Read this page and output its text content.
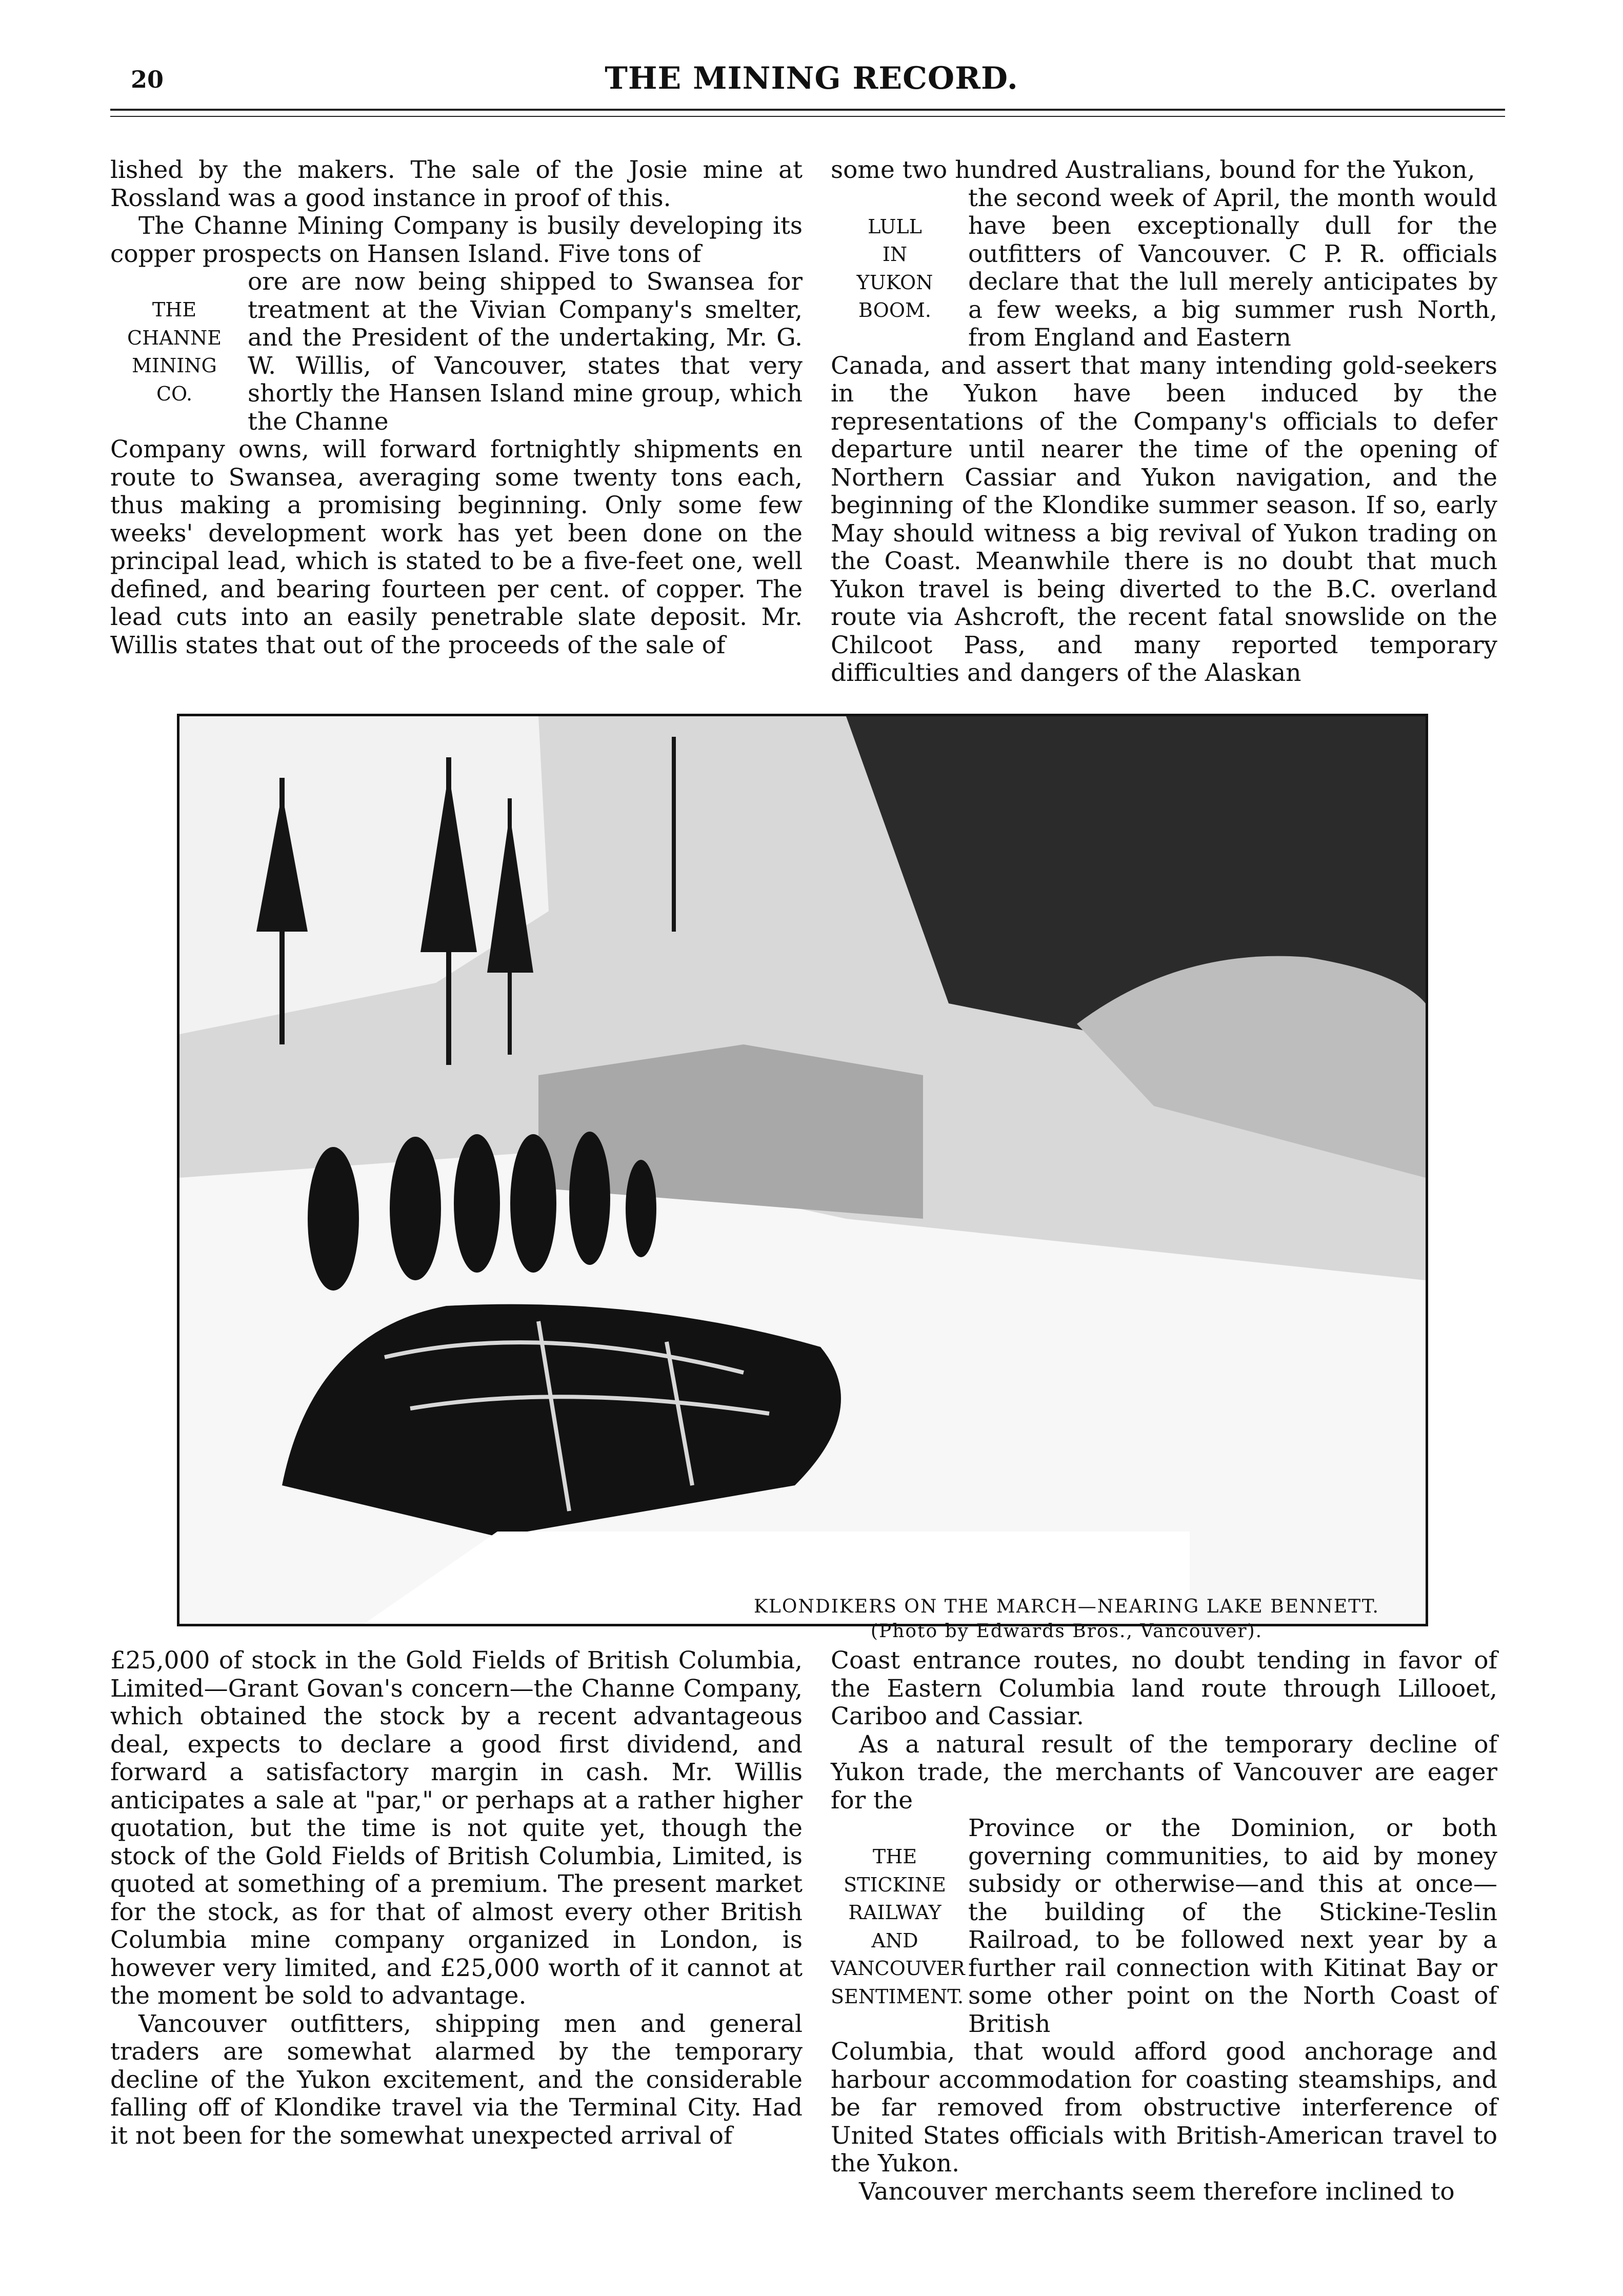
20	THE MINING RECORD.

lished by the makers. The sale of the Josie mine at Rossland was a good instance in proof of this.

The Channe Mining Company is busily developing its copper prospects on Hansen Island. Five tons of

THE
CHANNE
MINING
CO.
ore are now being shipped to Swansea for treatment at the Vivian Company's smelter, and the President of the undertaking, Mr. G. W. Willis, of Vancouver, states that very shortly the Hansen Island mine group, which the Channe

Company owns, will forward fortnightly shipments en route to Swansea, averaging some twenty tons each, thus making a promising beginning. Only some few weeks' development work has yet been done on the principal lead, which is stated to be a five-feet one, well defined, and bearing fourteen per cent. of copper. The lead cuts into an easily penetrable slate deposit. Mr. Willis states that out of the proceeds of the sale of

some two hundred Australians, bound for the Yukon,

LULL
IN
YUKON
BOOM.
the second week of April, the month would have been exceptionally dull for the outfitters of Vancouver. C P. R. officials declare that the lull merely anticipates by a few weeks, a big summer rush North, from England and Eastern

Canada, and assert that many intending gold-seekers in the Yukon have been induced by the representations of the Company's officials to defer departure until nearer the time of the opening of Northern Cassiar and Yukon navigation, and the beginning of the Klondike summer season. If so, early May should witness a big revival of Yukon trading on the Coast. Meanwhile there is no doubt that much Yukon travel is being diverted to the B.C. overland route via Ashcroft, the recent fatal snowslide on the Chilcoot Pass, and many reported temporary difficulties and dangers of the Alaskan

KLONDIKERS ON THE MARCH—NEARING LAKE BENNETT.
(Photo by Edwards Bros., Vancouver).

£25,000 of stock in the Gold Fields of British Columbia, Limited—Grant Govan's concern—the Channe Company, which obtained the stock by a recent advantageous deal, expects to declare a good first dividend, and forward a satisfactory margin in cash. Mr. Willis anticipates a sale at "par," or perhaps at a rather higher quotation, but the time is not quite yet, though the stock of the Gold Fields of British Columbia, Limited, is quoted at something of a premium. The present market for the stock, as for that of almost every other British Columbia mine company organized in London, is however very limited, and £25,000 worth of it cannot at the moment be sold to advantage.

Vancouver outfitters, shipping men and general traders are somewhat alarmed by the temporary decline of the Yukon excitement, and the considerable falling off of Klondike travel via the Terminal City. Had it not been for the somewhat unexpected arrival of

Coast entrance routes, no doubt tending in favor of the Eastern Columbia land route through Lillooet, Cariboo and Cassiar.

As a natural result of the temporary decline of Yukon trade, the merchants of Vancouver are eager for the

THE
STICKINE
RAILWAY
AND
VANCOUVER
SENTIMENT.
Province or the Dominion, or both governing communities, to aid by money subsidy or otherwise—and this at once—the building of the Stickine-Teslin Railroad, to be followed next year by a further rail connection with Kitinat Bay or some other point on the North Coast of British

Columbia, that would afford good anchorage and harbour accommodation for coasting steamships, and be far removed from obstructive interference of United States officials with British-American travel to the Yukon.

Vancouver merchants seem therefore inclined to
